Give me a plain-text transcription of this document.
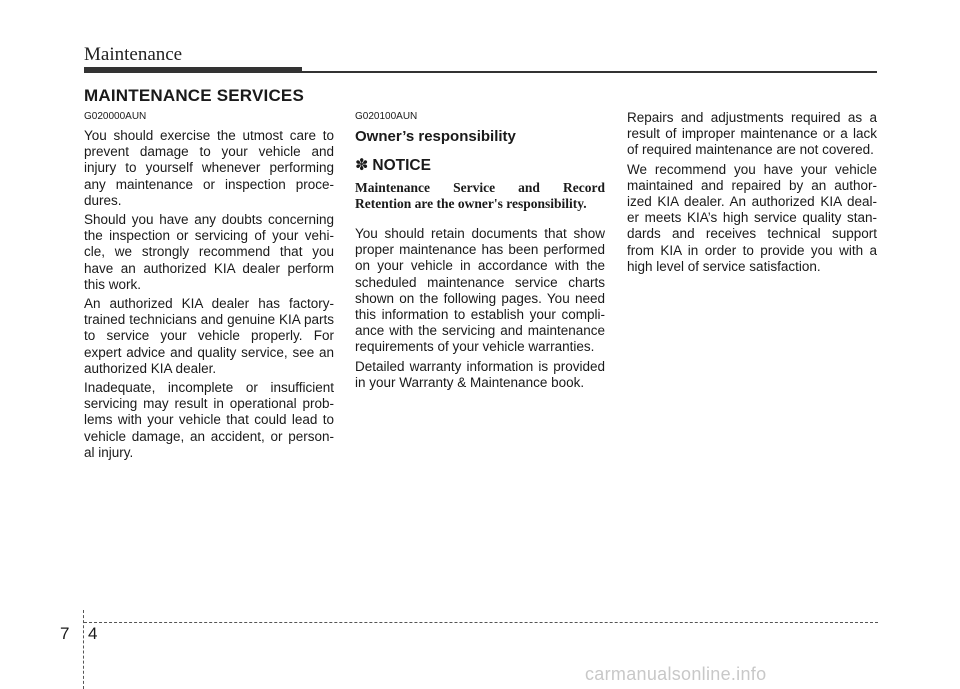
Maintenance
MAINTENANCE SERVICES
G020000AUN

You should exercise the utmost care to prevent damage to your vehicle and injury to yourself whenever performing any maintenance or inspection proce-dures.

Should you have any doubts concerning the inspection or servicing of your vehi-cle, we strongly recommend that you have an authorized KIA dealer perform this work.

An authorized KIA dealer has factory-trained technicians and genuine KIA parts to service your vehicle properly. For expert advice and quality service, see an authorized KIA dealer.

Inadequate, incomplete or insufficient servicing may result in operational prob-lems with your vehicle that could lead to vehicle damage, an accident, or person-al injury.

G020100AUN
Owner’s responsibility
✽ NOTICE
Maintenance Service and Record Retention are the owner's responsibility.

You should retain documents that show proper maintenance has been performed on your vehicle in accordance with the scheduled maintenance service charts shown on the following pages. You need this information to establish your compli-ance with the servicing and maintenance requirements of your vehicle warranties.

Detailed warranty information is provided in your Warranty & Maintenance book.

Repairs and adjustments required as a result of improper maintenance or a lack of required maintenance are not covered.

We recommend you have your vehicle maintained and repaired by an author-ized KIA dealer. An authorized KIA deal-er meets KIA’s high service quality stan-dards and receives technical support from KIA in order to provide you with a high level of service satisfaction.

7 4
carmanualsonline.info
